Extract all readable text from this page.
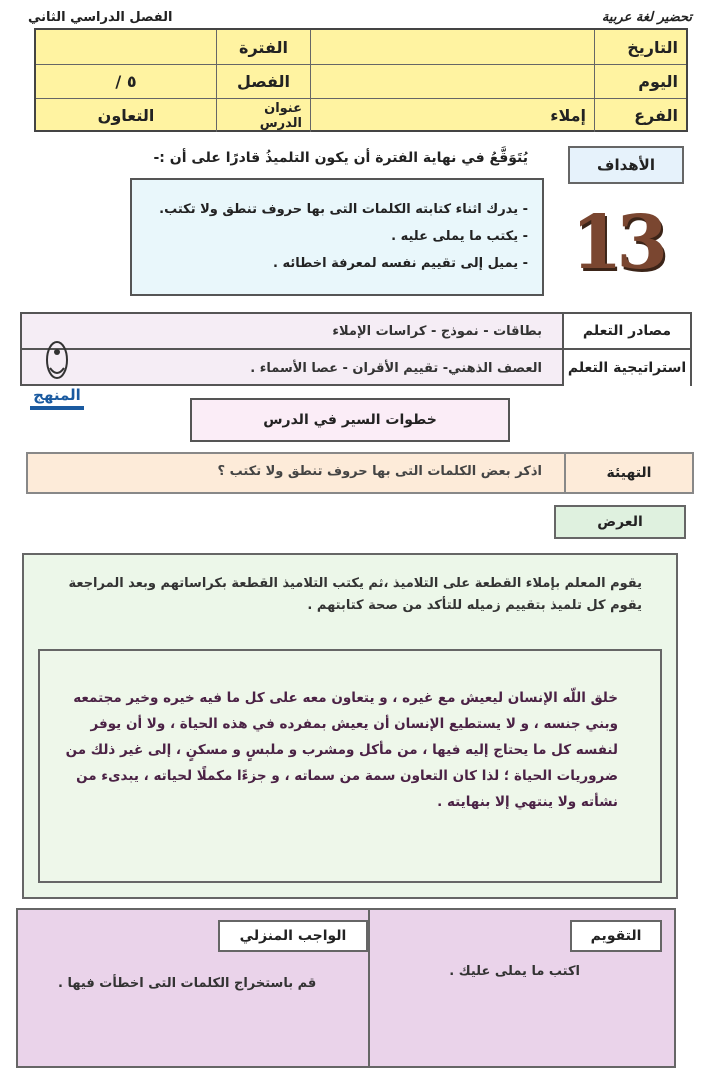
تحضير لغة عربية
الفصل الدراسي الثاني
التاريخ
اليوم
الفرع
إملاء
الفترة
الفصل
عنوان الدرس
٥ /
التعاون
الأهداف
يُتَوَقَّعُ في نهاية الفترة أن يكون التلميذُ قادرًا على أن :-
- يدرك اثناء كتابته الكلمات التى بها حروف تنطق ولا تكتب.
- يكتب ما يملى عليه .
- يميل إلى تقييم نفسه لمعرفة اخطائه . 13
مصادر التعلم
بطاقات - نموذج - كراسات الإملاء
استراتيجية التعلم
العصف الذهني- تقييم الأقران - عصا الأسماء .
المنهج
خطوات السير في الدرس
التهيئة
اذكر بعض الكلمات التى بها حروف تنطق ولا تكتب ؟
العرض
يقوم المعلم بإملاء القطعة على التلاميذ ،ثم يكتب التلاميذ القطعة بكراساتهم وبعد المراجعة يقوم كل تلميذ بتقييم زميله للتأكد من صحة كتابتهم .

خلق اللّه الإنسان ليعيش مع غيره ، و يتعاون معه على كل ما فيه خيره وخير مجتمعه وبني جنسه ، و لا يستطيع الإنسان أن يعيش بمفرده في هذه الحياة ، ولا أن يوفر لنفسه كل ما يحتاج إليه فيها ، من مأكل ومشرب و ملبسٍ و مسكنٍ ، إلى غير ذلك من ضروريات الحياة ؛ لذا كان التعاون سمة من سماته ، و جزءًا مكملًا لحياته ، يبدىء من نشأته ولا ينتهي إلا بنهايته .

التقويم
اكتب ما يملى عليك .
الواجب المنزلي
قم باستخراج الكلمات التى اخطأت فيها .
